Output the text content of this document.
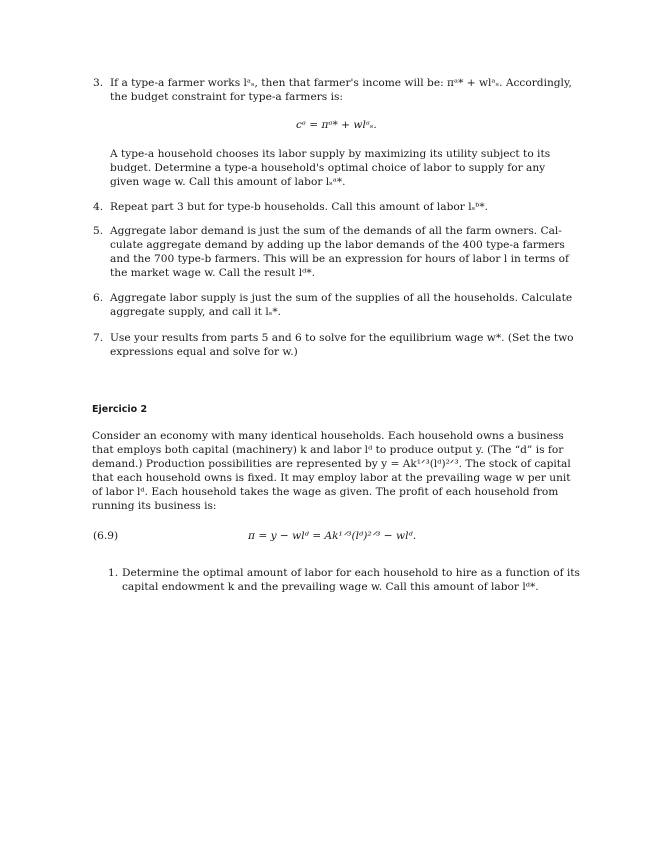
3. If a type-a farmer works lᵃₛ, then that farmer's income will be: πᵃ* + wlᵃₛ. Accordingly,
the budget constraint for type-a farmers is:
cᵃ = πᵃ* + wlᵃₛ.
A type-a household chooses its labor supply by maximizing its utility subject to its
budget. Determine a type-a household's optimal choice of labor to supply for any
given wage w. Call this amount of labor lₛᵃ*.
4. Repeat part 3 but for type-b households. Call this amount of labor lₛᵇ*.
5. Aggregate labor demand is just the sum of the demands of all the farm owners. Cal-
culate aggregate demand by adding up the labor demands of the 400 type-a farmers
and the 700 type-b farmers. This will be an expression for hours of labor l in terms of
the market wage w. Call the result lᵈ*.
6. Aggregate labor supply is just the sum of the supplies of all the households. Calculate
aggregate supply, and call it lₛ*.
7. Use your results from parts 5 and 6 to solve for the equilibrium wage w*. (Set the two
expressions equal and solve for w.)
Ejercicio 2
Consider an economy with many identical households. Each household owns a business
that employs both capital (machinery) k and labor lᵈ to produce output y. (The “d” is for
demand.) Production possibilities are represented by y = Ak¹ᐟ³(lᵈ)²ᐟ³. The stock of capital
that each household owns is fixed. It may employ labor at the prevailing wage w per unit
of labor lᵈ. Each household takes the wage as given. The profit of each household from
running its business is:
(6.9)	π = y − wlᵈ = Ak¹ᐟ³(lᵈ)²ᐟ³ − wlᵈ.
1. Determine the optimal amount of labor for each household to hire as a function of its
capital endowment k and the prevailing wage w. Call this amount of labor lᵈ*.
